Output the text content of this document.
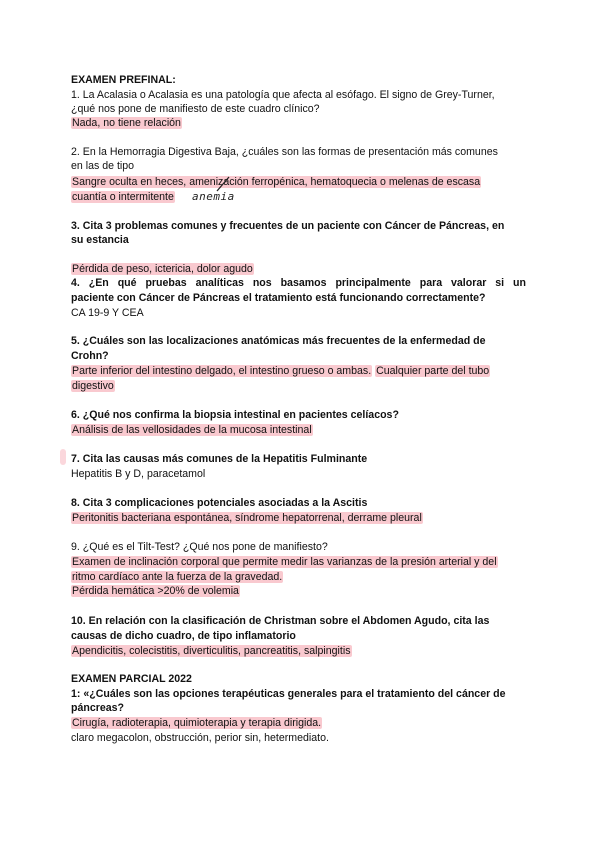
EXAMEN PREFINAL:
1. La Acalasia o Acalasia es una patología que afecta al esófago. El signo de Grey-Turner,
¿qué nos pone de manifiesto de este cuadro clínico?
Nada, no tiene relación
2. En la Hemorragia Digestiva Baja, ¿cuáles son las formas de presentación más comunes
en las de tipo
Sangre oculta en heces, amenización
ferropénica, hematoquecia o melenas de escasa
cuantía o intermitente anemia
3. Cita 3 problemas comunes y frecuentes de un paciente con Cáncer de Páncreas, en
su estancia
Pérdida de peso, ictericia, dolor agudo
4. ¿En qué pruebas analíticas nos basamos principalmente para valorar si un
paciente con Cáncer de Páncreas el tratamiento está funcionando correctamente?
CA 19-9 Y CEA
5. ¿Cuáles son las localizaciones anatómicas más frecuentes de la enfermedad de
Crohn?
Parte inferior del intestino delgado, el intestino grueso o ambas. Cualquier parte del tubo
digestivo
6. ¿Qué nos confirma la biopsia intestinal en pacientes celíacos?
Análisis de las vellosidades de la mucosa intestinal
7. Cita las causas más comunes de la Hepatitis Fulminante
Hepatitis B y D, paracetamol
8. Cita 3 complicaciones potenciales asociadas a la Ascitis
Peritonitis bacteriana espontánea, síndrome hepatorrenal, derrame pleural
9. ¿Qué es el Tilt-Test? ¿Qué nos pone de manifiesto?
Examen de inclinación corporal que permite medir las varianzas de la presión arterial y del
ritmo cardíaco ante la fuerza de la gravedad.
Pérdida hemática >20% de volemia
10. En relación con la clasificación de Christman sobre el Abdomen Agudo, cita las
causas de dicho cuadro, de tipo inflamatorio
Apendicitis, colecistitis, diverticulitis, pancreatitis, salpingitis
EXAMEN PARCIAL 2022
1: «¿Cuáles son las opciones terapéuticas generales para el tratamiento del cáncer de
páncreas?
Cirugía, radioterapia, quimioterapia y terapia dirigida.
claro megacolon, obstrucción, perior sin, hetermediato.
